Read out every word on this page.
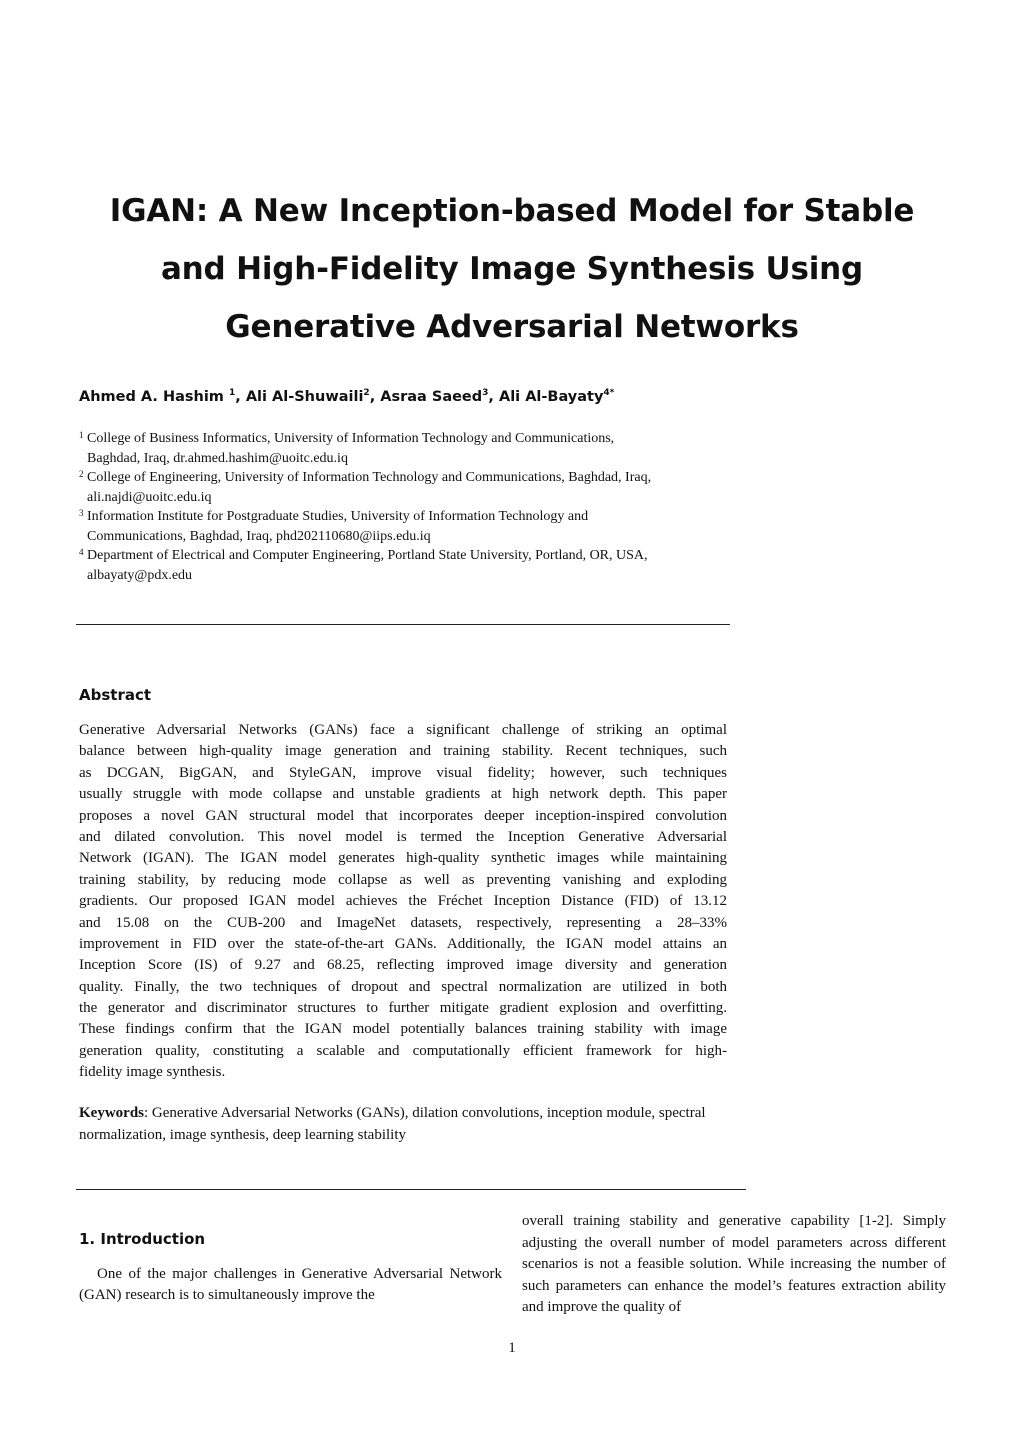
IGAN: A New Inception-based Model for Stable
and High-Fidelity Image Synthesis Using
Generative Adversarial Networks
Ahmed A. Hashim $^1$, Ali Al-Shuwaili$^2$, Asraa Saeed$^3$, Ali Al-Bayaty$^{4*}$
1 College of Business Informatics, University of Information Technology and Communications,
Baghdad, Iraq, dr.ahmed.hashim@uoitc.edu.iq
2 College of Engineering, University of Information Technology and Communications, Baghdad, Iraq,
ali.najdi@uoitc.edu.iq
3 Information Institute for Postgraduate Studies, University of Information Technology and
Communications, Baghdad, Iraq, phd202110680@iips.edu.iq
4 Department of Electrical and Computer Engineering, Portland State University, Portland, OR, USA,
albayaty@pdx.edu
Abstract
Generative Adversarial Networks (GANs) face a significant challenge of striking an optimal
balance between high-quality image generation and training stability. Recent techniques, such
as DCGAN, BigGAN, and StyleGAN, improve visual fidelity; however, such techniques
usually struggle with mode collapse and unstable gradients at high network depth. This paper
proposes a novel GAN structural model that incorporates deeper inception-inspired convolution
and dilated convolution. This novel model is termed the Inception Generative Adversarial
Network (IGAN). The IGAN model generates high-quality synthetic images while maintaining
training stability, by reducing mode collapse as well as preventing vanishing and exploding
gradients. Our proposed IGAN model achieves the Fréchet Inception Distance (FID) of 13.12
and 15.08 on the CUB-200 and ImageNet datasets, respectively, representing a 28–33%
improvement in FID over the state-of-the-art GANs. Additionally, the IGAN model attains an
Inception Score (IS) of 9.27 and 68.25, reflecting improved image diversity and generation
quality. Finally, the two techniques of dropout and spectral normalization are utilized in both
the generator and discriminator structures to further mitigate gradient explosion and overfitting.
These findings confirm that the IGAN model potentially balances training stability with image
generation quality, constituting a scalable and computationally efficient framework for high-
fidelity image synthesis.
Keywords: Generative Adversarial Networks (GANs), dilation convolutions, inception module, spectral normalization, image synthesis, deep learning stability
1. Introduction
One of the major challenges in Generative Adversarial Network (GAN) research is to simultaneously improve the
overall training stability and generative capability [1-2]. Simply adjusting the overall number of model parameters across different scenarios is not a feasible solution. While increasing the number of such parameters can enhance the model’s features extraction ability and improve the quality of
1
